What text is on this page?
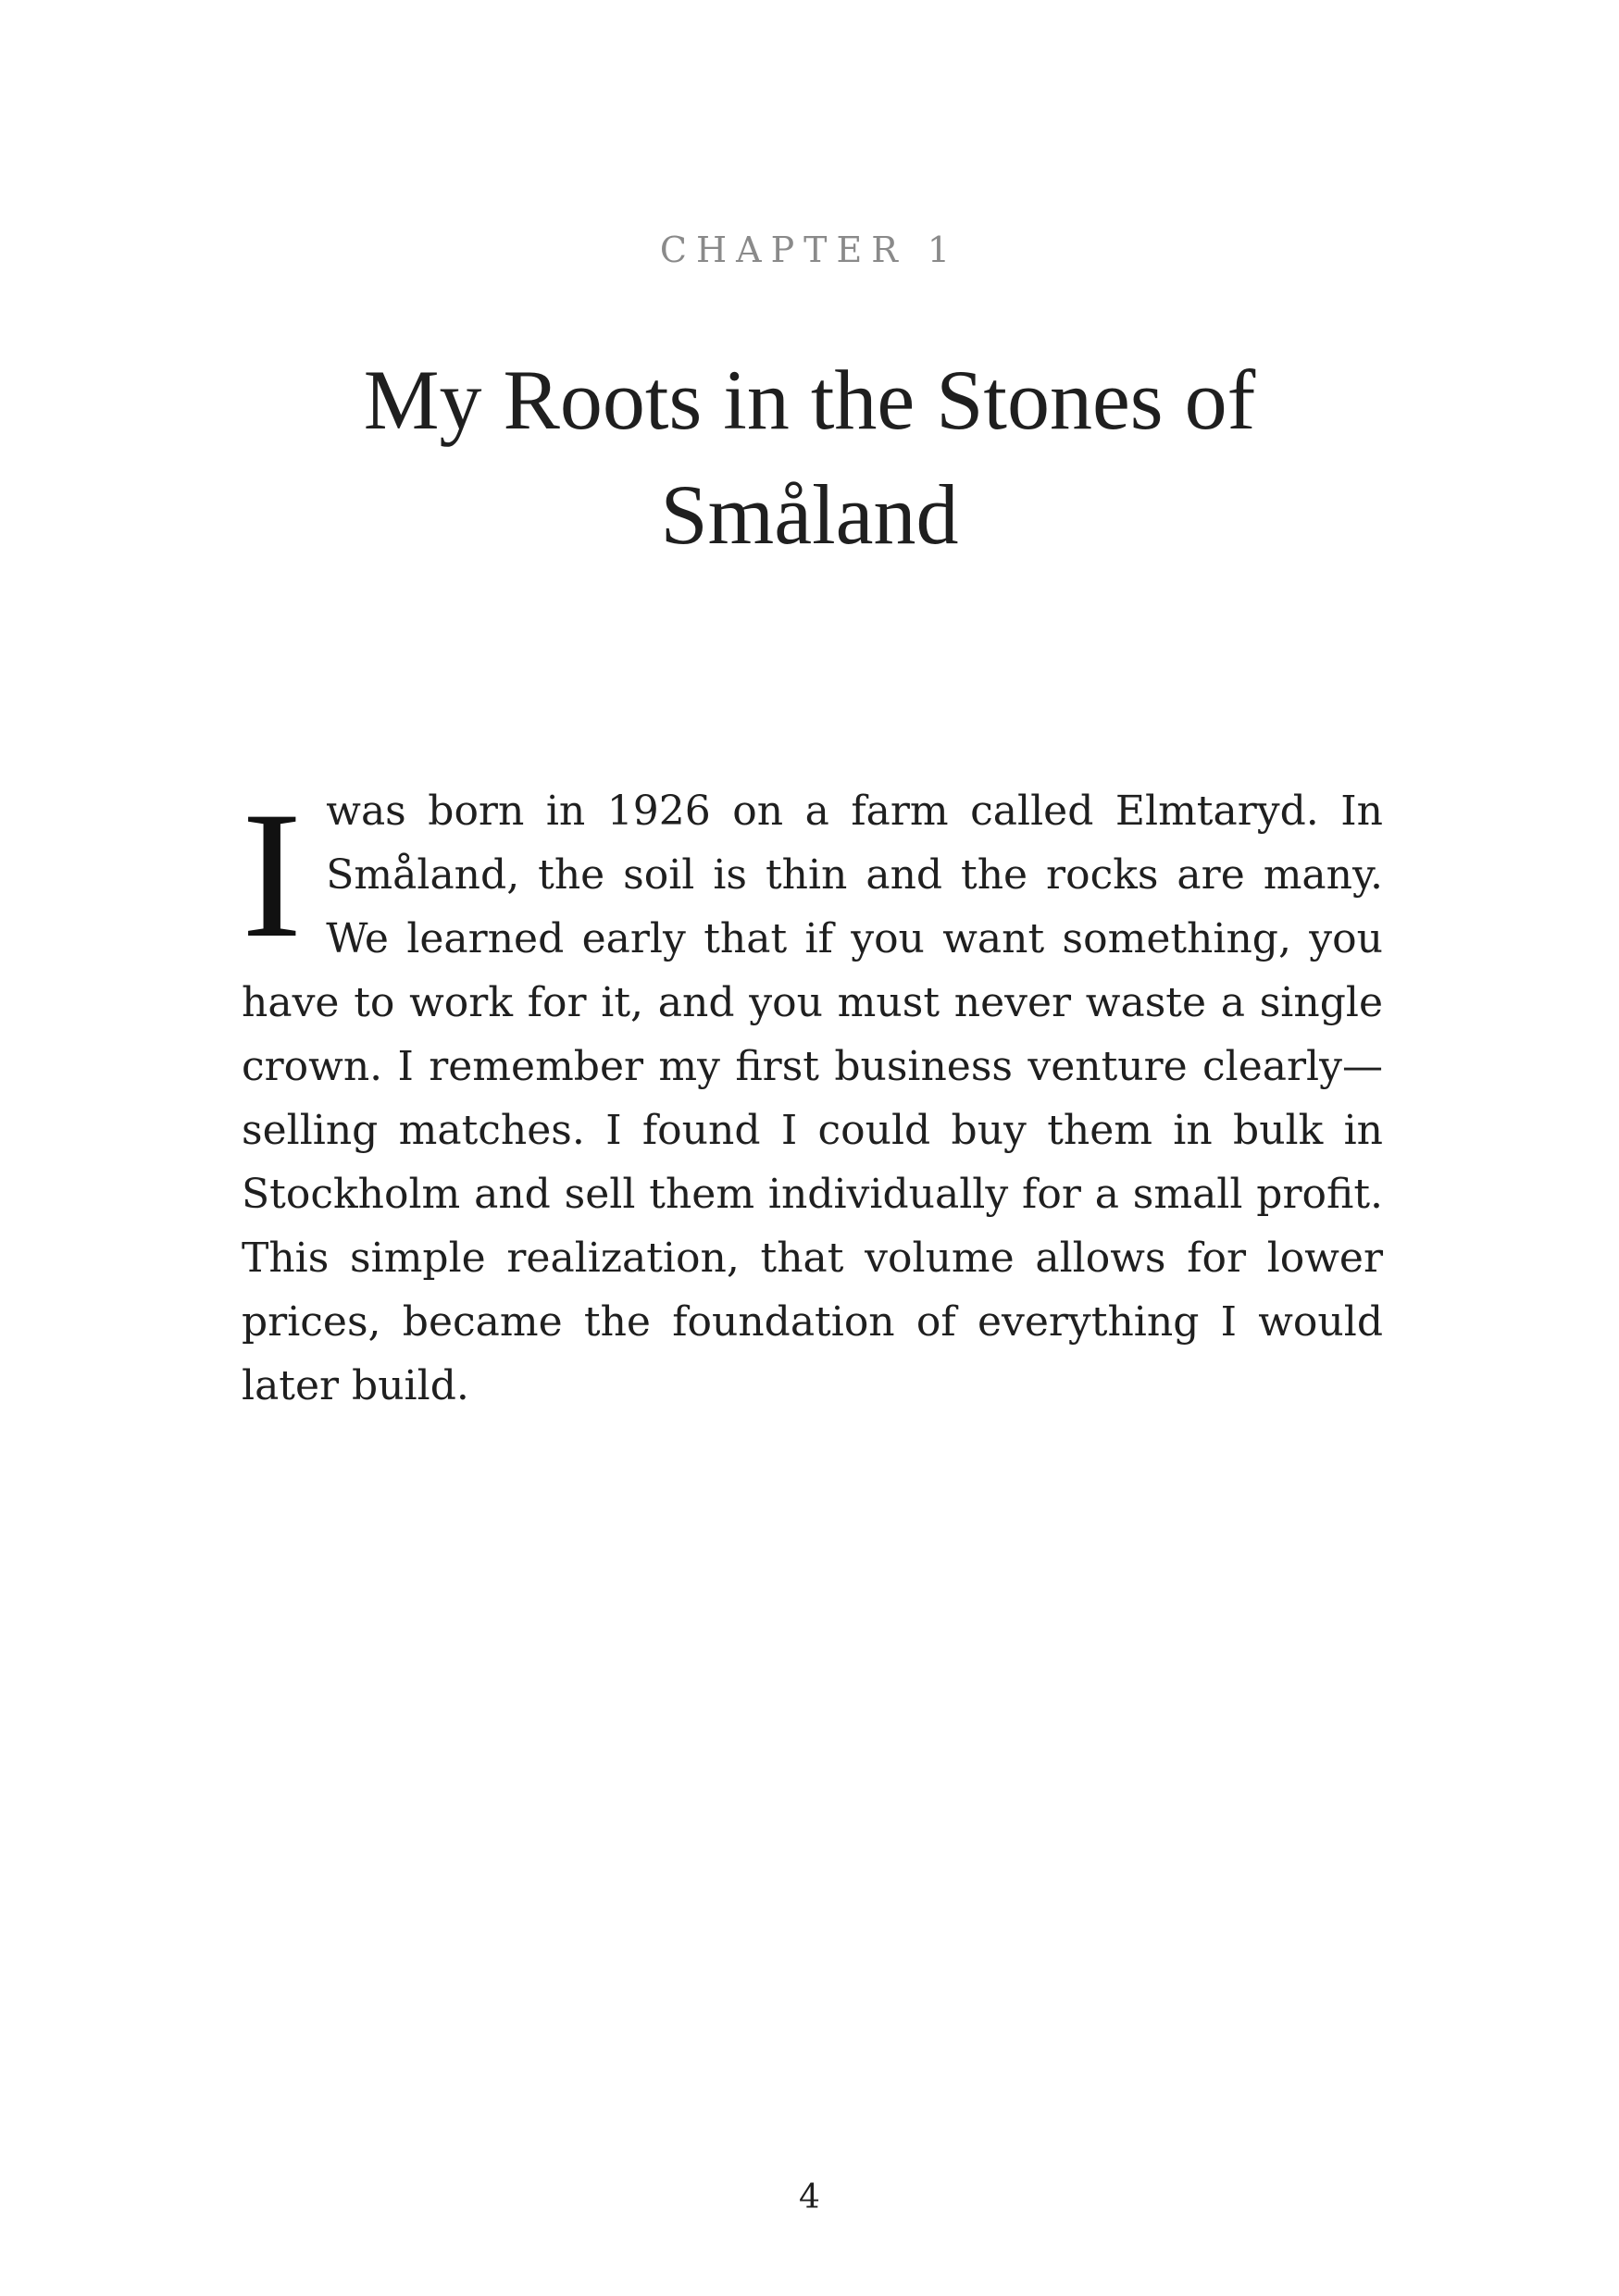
CHAPTER 1
My Roots in the Stones of Småland

I was born in 1926 on a farm called Elmtaryd. In Småland, the soil is thin and the rocks are many. We learned early that if you want something, you have to work for it, and you must never waste a single crown. I remember my first business venture clearly—selling matches. I found I could buy them in bulk in Stockholm and sell them individually for a small profit. This simple realization, that volume allows for lower prices, became the foundation of everything I would later build.

4
